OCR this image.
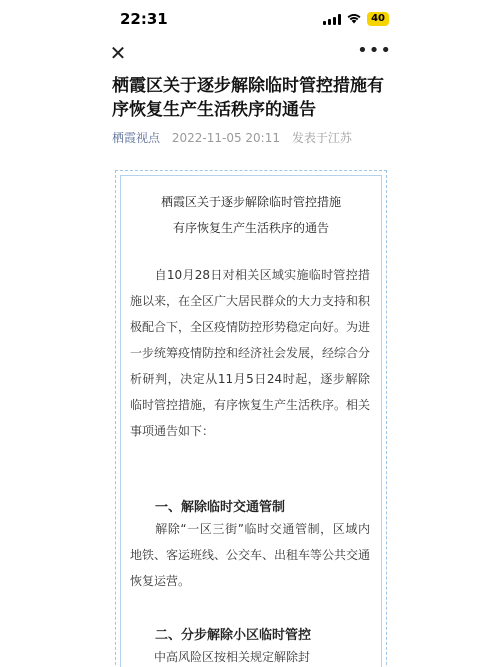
22:31	40
✕	•••
栖霞区关于逐步解除临时管控措施有序恢复生产生活秩序的通告
栖霞视点 2022-11-05 20:11 发表于江苏
栖霞区关于逐步解除临时管控措施
有序恢复生产生活秩序的通告
　　自10月28日对相关区域实施临时管控措施以来，在全区广大居民群众的大力支持和积极配合下，全区疫情防控形势稳定向好。为进一步统筹疫情防控和经济社会发展，经综合分析研判，决定从11月5日24时起，逐步解除临时管控措施，有序恢复生产生活秩序。相关事项通告如下：
一、解除临时交通管制
　　解除“一区三街”临时交通管制，区域内地铁、客运班线、公交车、出租车等公共交通恢复运营。
二、分步解除小区临时管控
　　中高风险区按相关规定解除封
